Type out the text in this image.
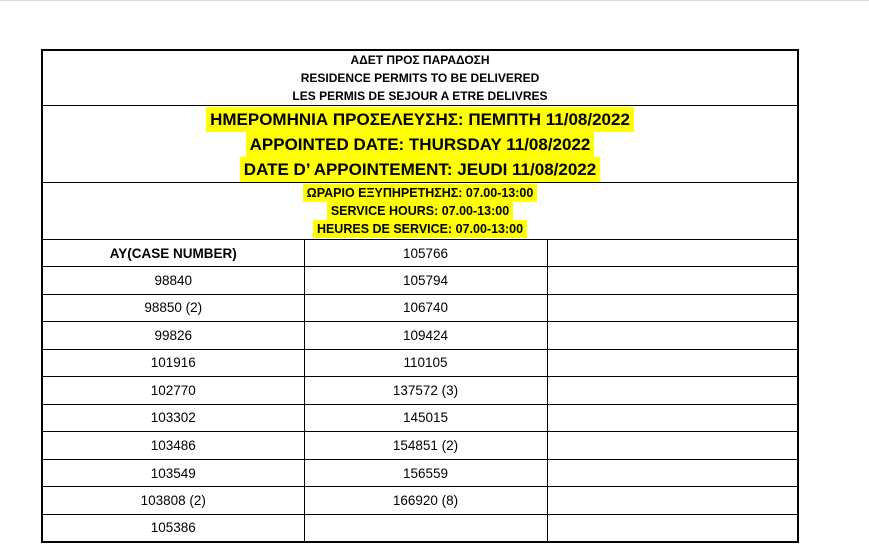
ΑΔΕΤ ΠΡΟΣ ΠΑΡΑΔΟΣΗ
RESIDENCE PERMITS TO BE DELIVERED
LES PERMIS DE SEJOUR A ETRE DELIVRES
ΗΜΕΡΟΜΗΝΙΑ ΠΡΟΣΕΛΕΥΣΗΣ: ΠΕΜΠΤΗ 11/08/2022
APPOINTED DATE: THURSDAY 11/08/2022
DATE D’ APPOINTEMENT: JEUDI 11/08/2022
ΩΡΑΡΙΟ ΕΞΥΠΗΡΕΤΗΣΗΣ: 07.00-13:00
SERVICE HOURS: 07.00-13:00
HEURES DE SERVICE: 07.00-13:00
AY(CASE NUMBER)	105766	
98840	105794	
98850 (2)	106740	
99826	109424	
101916	110105	
102770	137572 (3)	
103302	145015	
103486	154851 (2)	
103549	156559	
103808 (2)	166920 (8)	
105386		
